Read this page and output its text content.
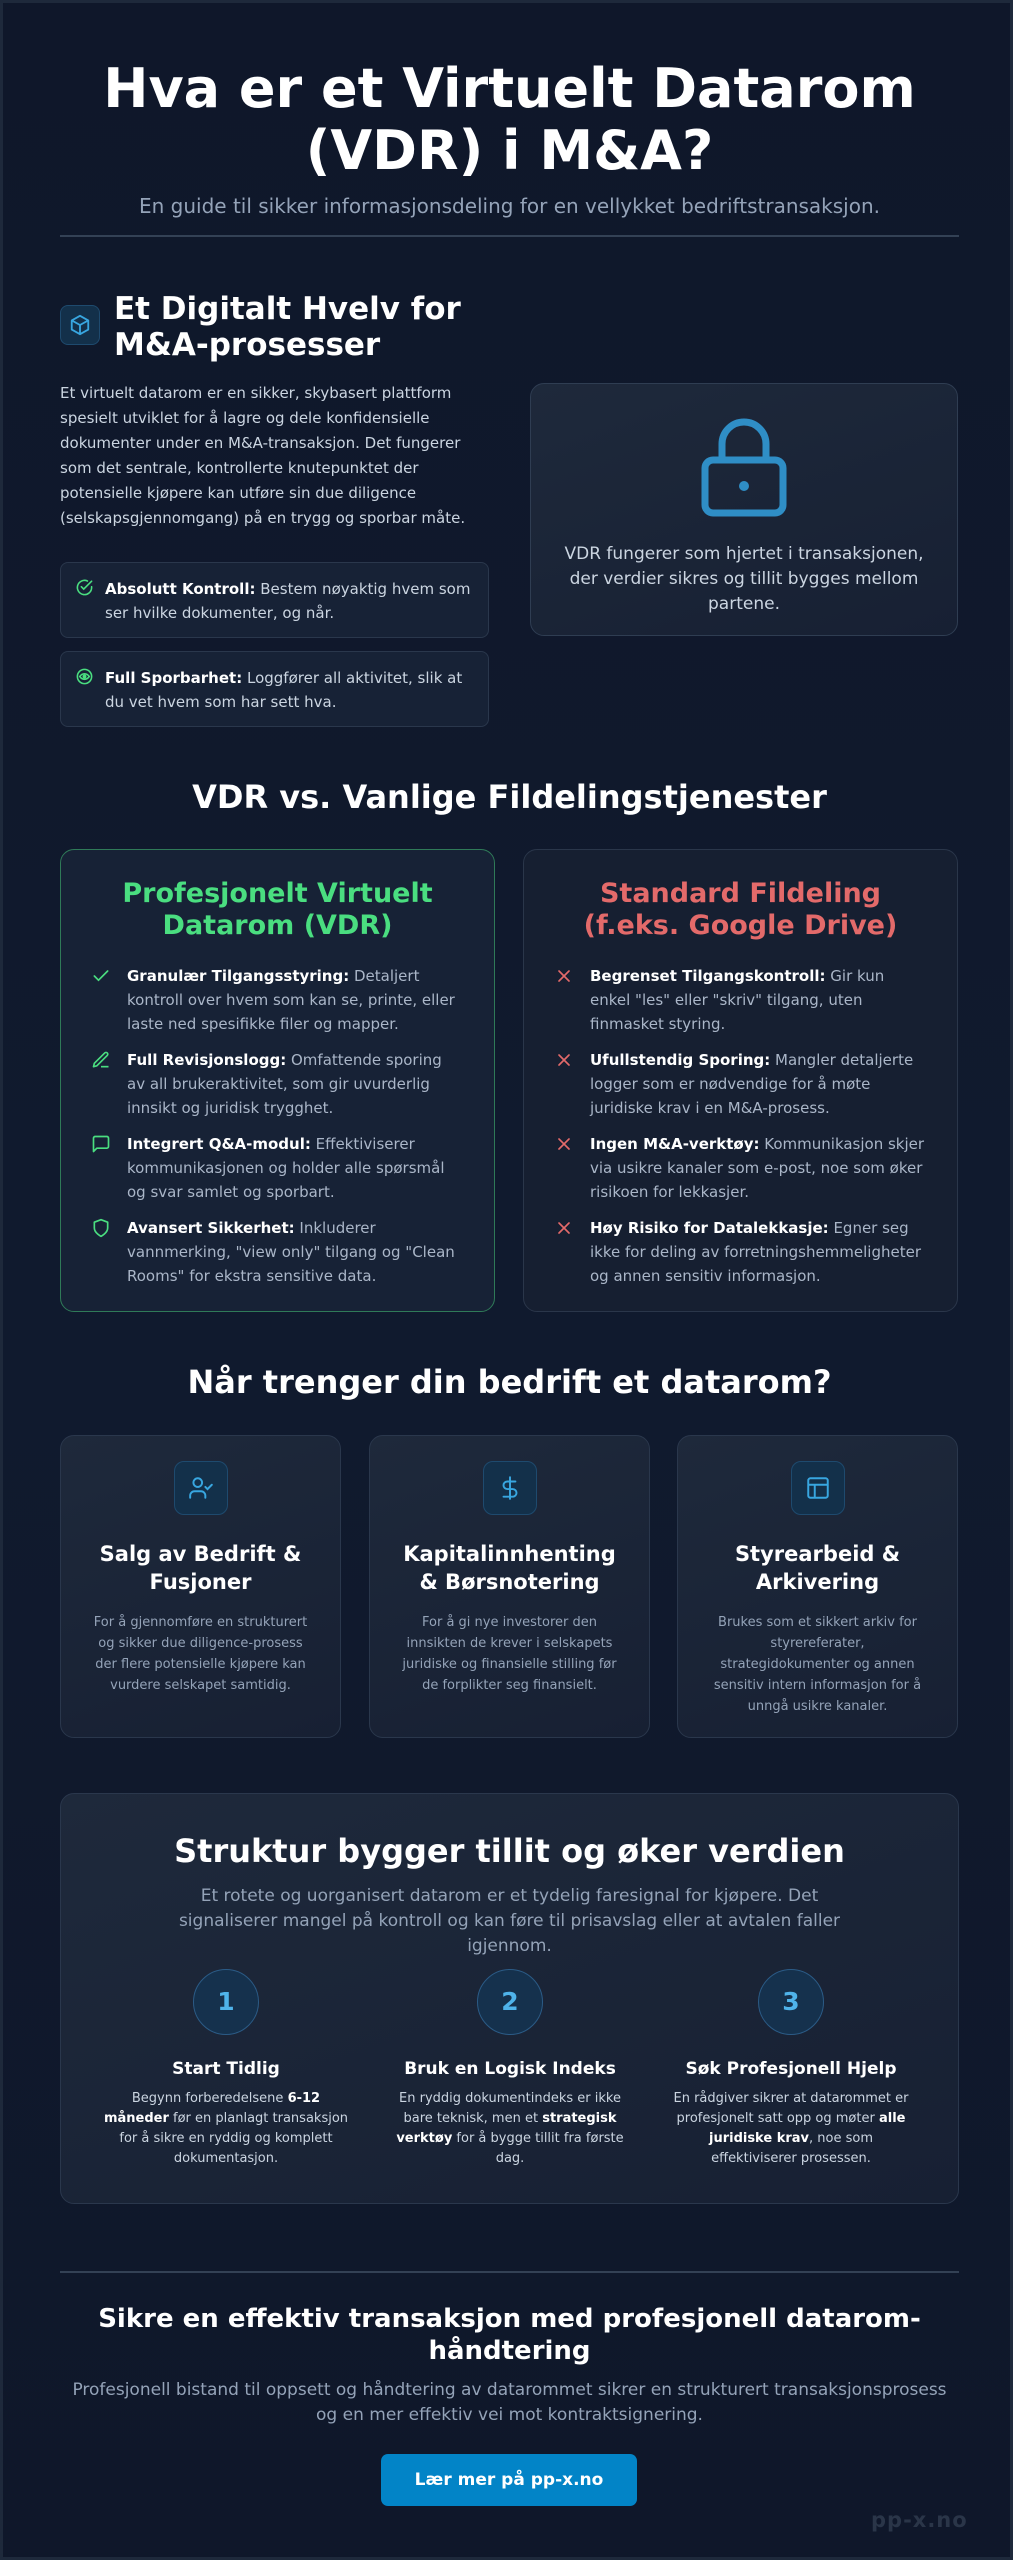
Hva er et Virtuelt Datarom
(VDR) i M&A?

En guide til sikker informasjonsdeling for en vellykket bedriftstransaksjon.

Et Digitalt Hvelv for M&A-prosesser

Et virtuelt datarom er en sikker, skybasert plattform spesielt utviklet for å lagre og dele konfidensielle dokumenter under en M&A-transaksjon. Det fungerer som det sentrale, kontrollerte knutepunktet der potensielle kjøpere kan utføre sin due diligence (selskapsgjennomgang) på en trygg og sporbar måte.

Absolutt Kontroll: Bestem nøyaktig hvem som ser hvilke dokumenter, og når.
Full Sporbarhet: Loggfører all aktivitet, slik at du vet hvem som har sett hva.

VDR fungerer som hjertet i transaksjonen, der verdier sikres og tillit bygges mellom partene.

VDR vs. Vanlige Fildelingstjenester
Profesjonelt Virtuelt Datarom (VDR)
Granulær Tilgangsstyring: Detaljert kontroll over hvem som kan se, printe, eller laste ned spesifikke filer og mapper.
Full Revisjonslogg: Omfattende sporing av all brukeraktivitet, som gir uvurderlig innsikt og juridisk trygghet.
Integrert Q&A-modul: Effektiviserer kommunikasjonen og holder alle spørsmål og svar samlet og sporbart.
Avansert Sikkerhet: Inkluderer vannmerking, "view only" tilgang og "Clean Rooms" for ekstra sensitive data.
Standard Fildeling (f.eks. Google Drive)
Begrenset Tilgangskontroll: Gir kun enkel "les" eller "skriv" tilgang, uten finmasket styring.
Ufullstendig Sporing: Mangler detaljerte logger som er nødvendige for å møte juridiske krav i en M&A-prosess.
Ingen M&A-verktøy: Kommunikasjon skjer via usikre kanaler som e-post, noe som øker risikoen for lekkasjer.
Høy Risiko for Datalekkasje: Egner seg ikke for deling av forretningshemmeligheter og annen sensitiv informasjon.
Når trenger din bedrift et datarom?
Salg av Bedrift & Fusjoner

For å gjennomføre en strukturert og sikker due diligence-prosess der flere potensielle kjøpere kan vurdere selskapet samtidig.

Kapitalinnhenting & Børsnotering

For å gi nye investorer den innsikten de krever i selskapets juridiske og finansielle stilling før de forplikter seg finansielt.

Styrearbeid & Arkivering

Brukes som et sikkert arkiv for styrereferater, strategidokumenter og annen sensitiv intern informasjon for å unngå usikre kanaler.

Struktur bygger tillit og øker verdien

Et rotete og uorganisert datarom er et tydelig faresignal for kjøpere. Det signaliserer mangel på kontroll og kan føre til prisavslag eller at avtalen faller igjennom.

1
Start Tidlig

Begynn forberedelsene 6-12 måneder før en planlagt transaksjon for å sikre en ryddig og komplett dokumentasjon.

2
Bruk en Logisk Indeks

En ryddig dokumentindeks er ikke bare teknisk, men et strategisk verktøy for å bygge tillit fra første dag.

3
Søk Profesjonell Hjelp

En rådgiver sikrer at datarommet er profesjonelt satt opp og møter alle juridiske krav, noe som effektiviserer prosessen.

Sikre en effektiv transaksjon med profesjonell dataromhåndtering

Profesjonell bistand til oppsett og håndtering av datarommet sikrer en strukturert transaksjonsprosess og en mer effektiv vei mot kontraktsignering.

Lær mer på pp-x.no
pp-x.no
